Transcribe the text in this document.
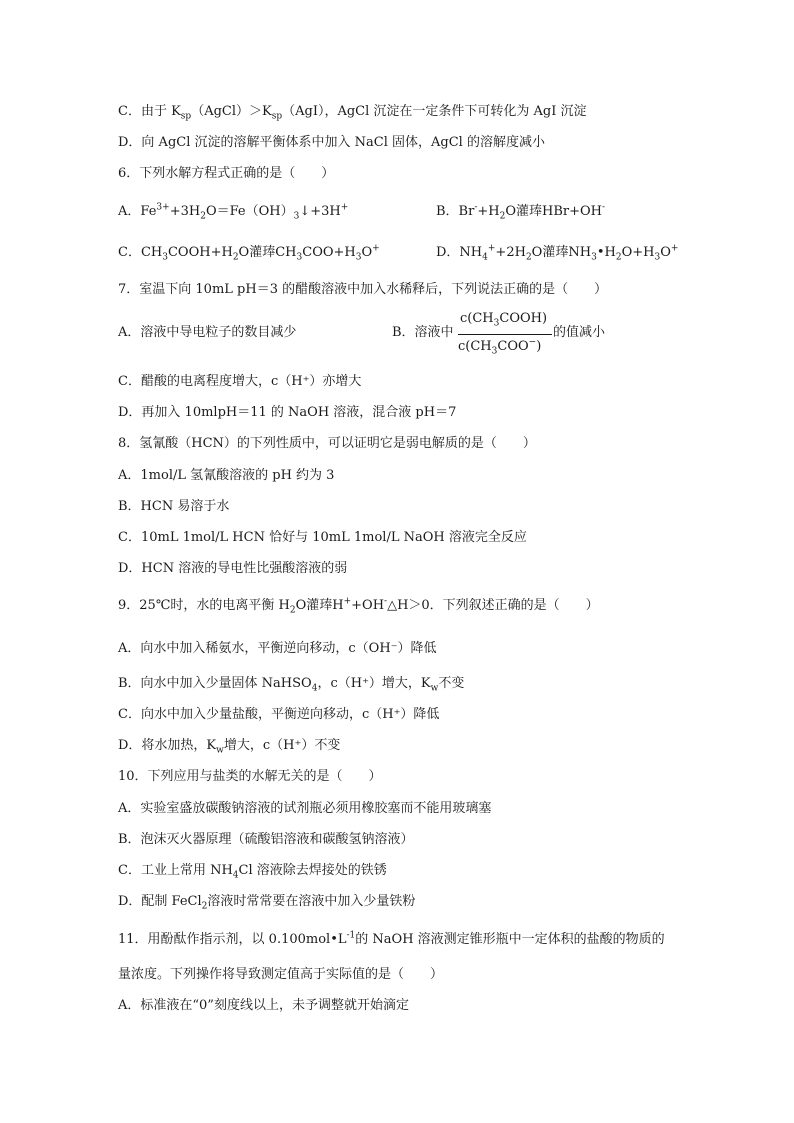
C．由于 $K_{sp}(AgCl)>K_{sp}(AgI)$，AgCl 沉淀在一定条件下可转化为 AgI 沉淀
D．向 AgCl 沉淀的溶解平衡体系中加入 NaCl 固体，AgCl 的溶解度减小
6．下列水解方程式正确的是（　　）
A．$Fe^{3+}+3H_2O=Fe(OH)_3↓+3H^+$	B．$Br^-+H_2O$灌琫HBr+OH-
C．$CH_3COOH+H_2O$灌琫$CH_3COO+H_3O^+$	D．$NH_4^++2H_2O$灌琫$NH_3•H_2O+H_3O^+$
7．室温下向 10mL pH＝3 的醋酸溶液中加入水稀释后，下列说法正确的是（　　）
A．溶液中导电粒子的数目减少	B．溶液中
$c(CH_3COOH)$
$c(CH_3COO^-)$
的值减小
C．醋酸的电离程度增大，c（H⁺）亦增大
D．再加入 10mlpH＝11 的 NaOH 溶液，混合液 pH＝7
8．氢氰酸（HCN）的下列性质中，可以证明它是弱电解质的是（　　）
A．1mol/L 氢氰酸溶液的 pH 约为 3
B．HCN 易溶于水
C．10mL 1mol/L HCN 恰好与 10mL 1mol/L NaOH 溶液完全反应
D．HCN 溶液的导电性比强酸溶液的弱
9．25℃时，水的电离平衡 $H_2O$灌琫H++OH-△H＞0．下列叙述正确的是（　　）
A．向水中加入稀氨水，平衡逆向移动，c（OH⁻）降低
B．向水中加入少量固体 NaHSO$_4$，c（H⁺）增大，$K_w$不变
C．向水中加入少量盐酸，平衡逆向移动，c（H⁺）降低
D．将水加热，$K_w$增大，c（H⁺）不变
10．下列应用与盐类的水解无关的是（　　）
A．实验室盛放碳酸钠溶液的试剂瓶必须用橡胶塞而不能用玻璃塞
B．泡沫灭火器原理（硫酸铝溶液和碳酸氢钠溶液）
C．工业上常用 $NH_4Cl$ 溶液除去焊接处的铁锈
D．配制 FeCl$_2$溶液时常常要在溶液中加入少量铁粉
11．用酚酞作指示剂，以 $0.100mol•L^{-1}$的 NaOH 溶液测定锥形瓶中一定体积的盐酸的物质的
量浓度。下列操作将导致测定值高于实际值的是（　　）
A．标准液在“0”刻度线以上，未予调整就开始滴定
